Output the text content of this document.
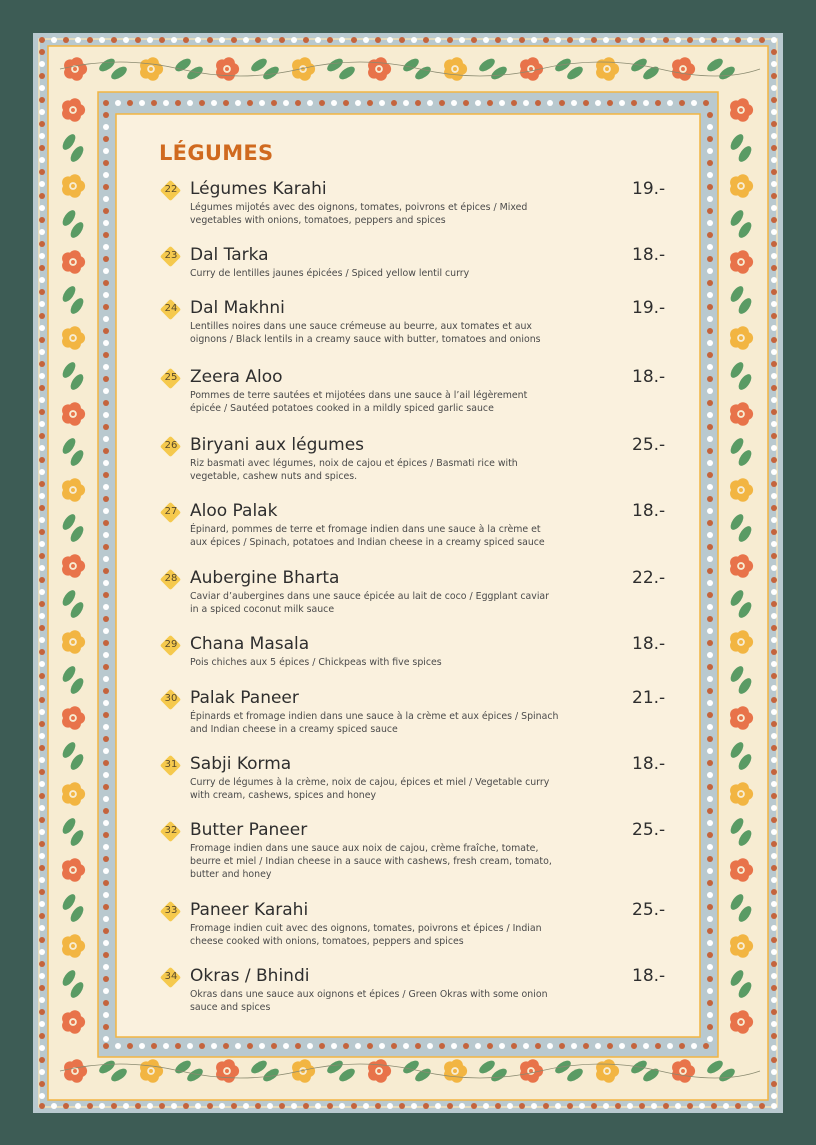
LÉGUMES
22 Légumes Karahi	19.-
Légumes mijotés avec des oignons, tomates, poivrons et épices / Mixed vegetables with onions, tomatoes, peppers and spices
23 Dal Tarka	18.-
Curry de lentilles jaunes épicées / Spiced yellow lentil curry
24 Dal Makhni	19.-
Lentilles noires dans une sauce crémeuse au beurre, aux tomates et aux oignons / Black lentils in a creamy sauce with butter, tomatoes and onions
25 Zeera Aloo	18.-
Pommes de terre sautées et mijotées dans une sauce à l’ail légèrement épicée / Sautéed potatoes cooked in a mildly spiced garlic sauce
26 Biryani aux légumes	25.-
Riz basmati avec légumes, noix de cajou et épices / Basmati rice with vegetable, cashew nuts and spices.
27 Aloo Palak	18.-
Épinard, pommes de terre et fromage indien dans une sauce à la crème et aux épices / Spinach, potatoes and Indian cheese in a creamy spiced sauce
28 Aubergine Bharta	22.-
Caviar d’aubergines dans une sauce épicée au lait de coco / Eggplant caviar in a spiced coconut milk sauce
29 Chana Masala	18.-
Pois chiches aux 5 épices / Chickpeas with five spices
30 Palak Paneer	21.-
Épinards et fromage indien dans une sauce à la crème et aux épices / Spinach and Indian cheese in a creamy spiced sauce
31 Sabji Korma	18.-
Curry de légumes à la crème, noix de cajou, épices et miel / Vegetable curry with cream, cashews, spices and honey
32 Butter Paneer	25.-
Fromage indien dans une sauce aux noix de cajou, crème fraîche, tomate, beurre et miel / Indian cheese in a sauce with cashews, fresh cream, tomato, butter and honey
33 Paneer Karahi	25.-
Fromage indien cuit avec des oignons, tomates, poivrons et épices / Indian cheese cooked with onions, tomatoes, peppers and spices
34 Okras / Bhindi	18.-
Okras dans une sauce aux oignons et épices / Green Okras with some onion sauce and spices
